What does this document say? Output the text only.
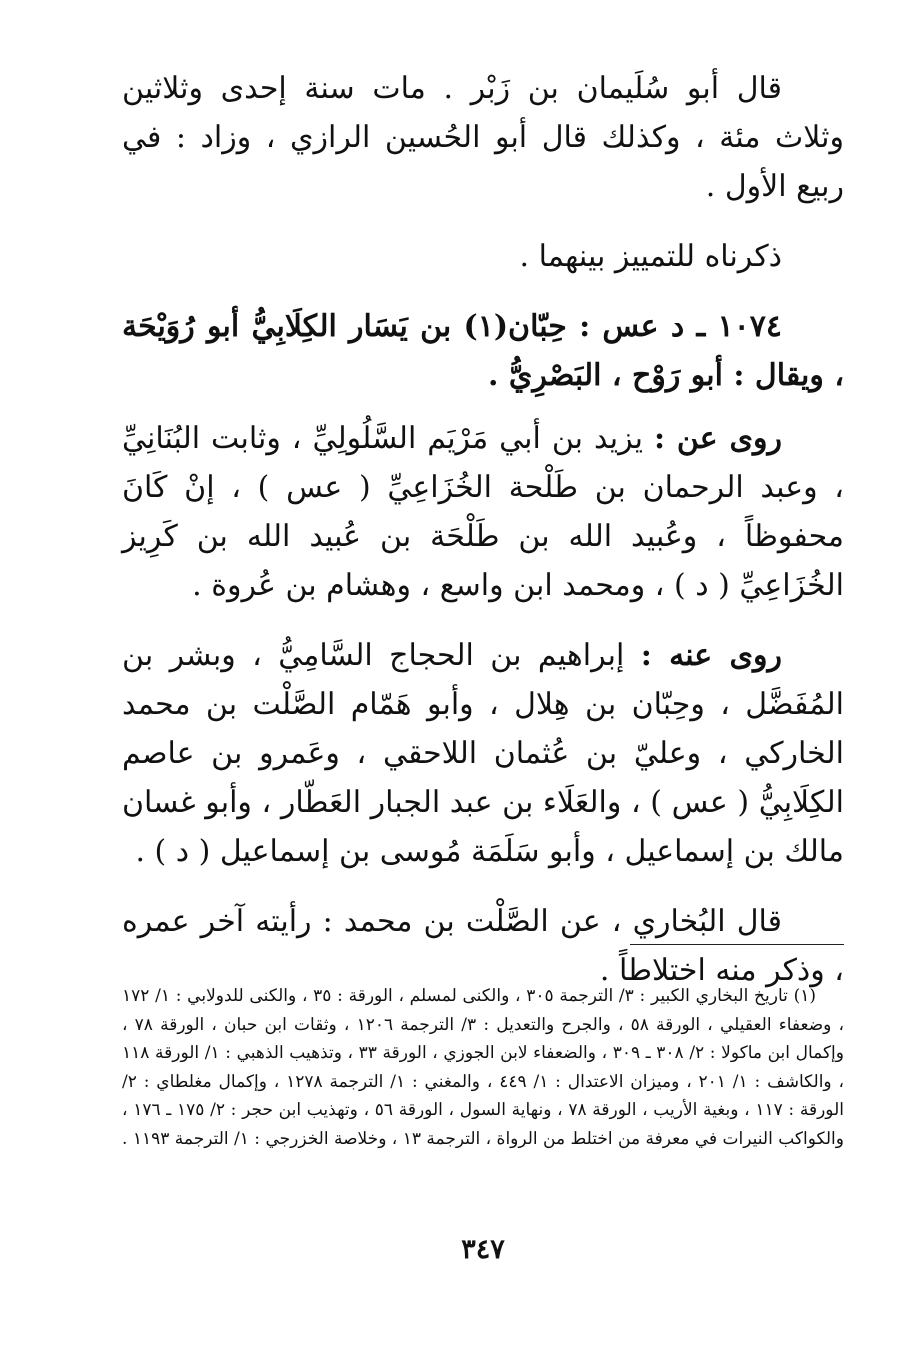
قال أبو سُلَيمان بن زَبْر . مات سنة إحدى وثلاثين وثلاث مئة ، وكذلك قال أبو الحُسين الرازي ، وزاد : في ربيع الأول .

ذكرناه للتمييز بينهما .

١٠٧٤ ـ د عس : حِبّان(١) بن يَسَار الكِلَابِيُّ أبو رُوَيْحَة ، ويقال : أبو رَوْح ، البَصْرِيُّ .

روى عن : يزيد بن أبي مَرْيَم السَّلُولِيِّ ، وثابت البُنَانِيِّ ، وعبد الرحمان بن طَلْحة الخُزَاعِيِّ ( عس ) ، إنْ كَانَ محفوظاً ، وعُبيد الله بن طَلْحَة بن عُبيد الله بن كَرِيز الخُزَاعِيِّ ( د ) ، ومحمد ابن واسع ، وهشام بن عُروة .

روى عنه : إبراهيم بن الحجاج السَّامِيُّ ، وبشر بن المُفَضَّل ، وحِبّان بن هِلال ، وأبو هَمّام الصَّلْت بن محمد الخاركي ، وعليّ بن عُثمان اللاحقي ، وعَمرو بن عاصم الكِلَابِيُّ ( عس ) ، والعَلَاء بن عبد الجبار العَطّار ، وأبو غسان مالك بن إسماعيل ، وأبو سَلَمَة مُوسى بن إسماعيل ( د ) .

قال البُخاري ، عن الصَّلْت بن محمد : رأيته آخر عمره ، وذكر منه اختلاطاً .

(١) تاريخ البخاري الكبير : ٣/ الترجمة ٣٠٥ ، والكنى لمسلم ، الورقة : ٣٥ ، والكنى للدولابي : ١/ ١٧٢ ، وضعفاء العقيلي ، الورقة ٥٨ ، والجرح والتعديل : ٣/ الترجمة ١٢٠٦ ، وثقات ابن حبان ، الورقة ٧٨ ، وإكمال ابن ماكولا : ٢/ ٣٠٨ ـ ٣٠٩ ، والضعفاء لابن الجوزي ، الورقة ٣٣ ، وتذهيب الذهبي : ١/ الورقة ١١٨ ، والكاشف : ١/ ٢٠١ ، وميزان الاعتدال : ١/ ٤٤٩ ، والمغني : ١/ الترجمة ١٢٧٨ ، وإكمال مغلطاي : ٢/ الورقة : ١١٧ ، وبغية الأريب ، الورقة ٧٨ ، ونهاية السول ، الورقة ٥٦ ، وتهذيب ابن حجر : ٢/ ١٧٥ ـ ١٧٦ ، والكواكب النيرات في معرفة من اختلط من الرواة ، الترجمة ١٣ ، وخلاصة الخزرجي : ١/ الترجمة ١١٩٣ .

٣٤٧
